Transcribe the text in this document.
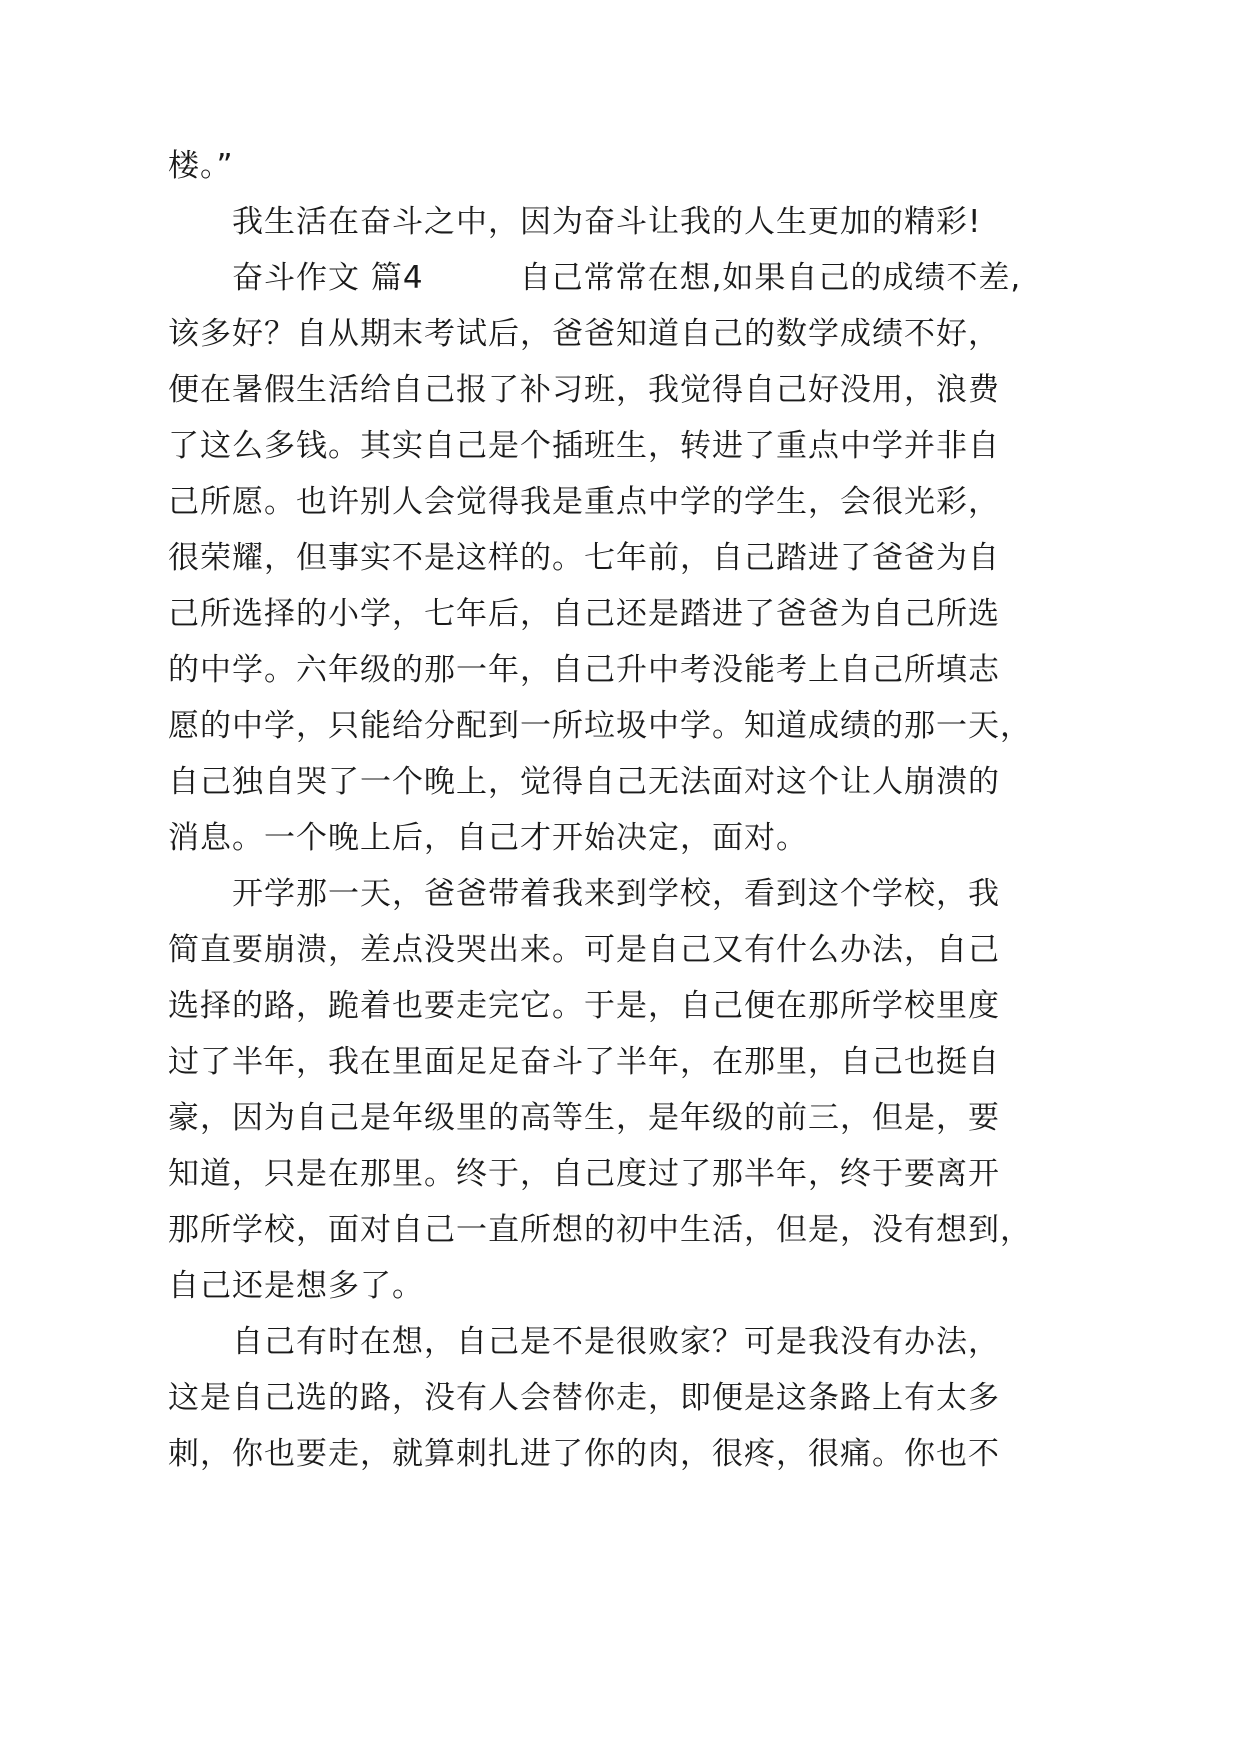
楼。”
我生活在奋斗之中，因为奋斗让我的人生更加的精彩!
奋斗作文 篇4　　　自己常常在想,如果自己的成绩不差,
该多好？自从期末考试后，爸爸知道自己的数学成绩不好，
便在暑假生活给自己报了补习班，我觉得自己好没用，浪费
了这么多钱。其实自己是个插班生，转进了重点中学并非自
己所愿。也许别人会觉得我是重点中学的学生，会很光彩，
很荣耀，但事实不是这样的。七年前，自己踏进了爸爸为自
己所选择的小学，七年后，自己还是踏进了爸爸为自己所选
的中学。六年级的那一年，自己升中考没能考上自己所填志
愿的中学，只能给分配到一所垃圾中学。知道成绩的那一天，
自己独自哭了一个晚上，觉得自己无法面对这个让人崩溃的
消息。一个晚上后，自己才开始决定，面对。
开学那一天，爸爸带着我来到学校，看到这个学校，我
简直要崩溃，差点没哭出来。可是自己又有什么办法，自己
选择的路，跪着也要走完它。于是，自己便在那所学校里度
过了半年，我在里面足足奋斗了半年，在那里，自己也挺自
豪，因为自己是年级里的高等生，是年级的前三，但是，要
知道，只是在那里。终于，自己度过了那半年，终于要离开
那所学校，面对自己一直所想的初中生活，但是，没有想到，
自己还是想多了。
自己有时在想，自己是不是很败家？可是我没有办法，
这是自己选的路，没有人会替你走，即便是这条路上有太多
刺，你也要走，就算刺扎进了你的肉，很疼，很痛。你也不
